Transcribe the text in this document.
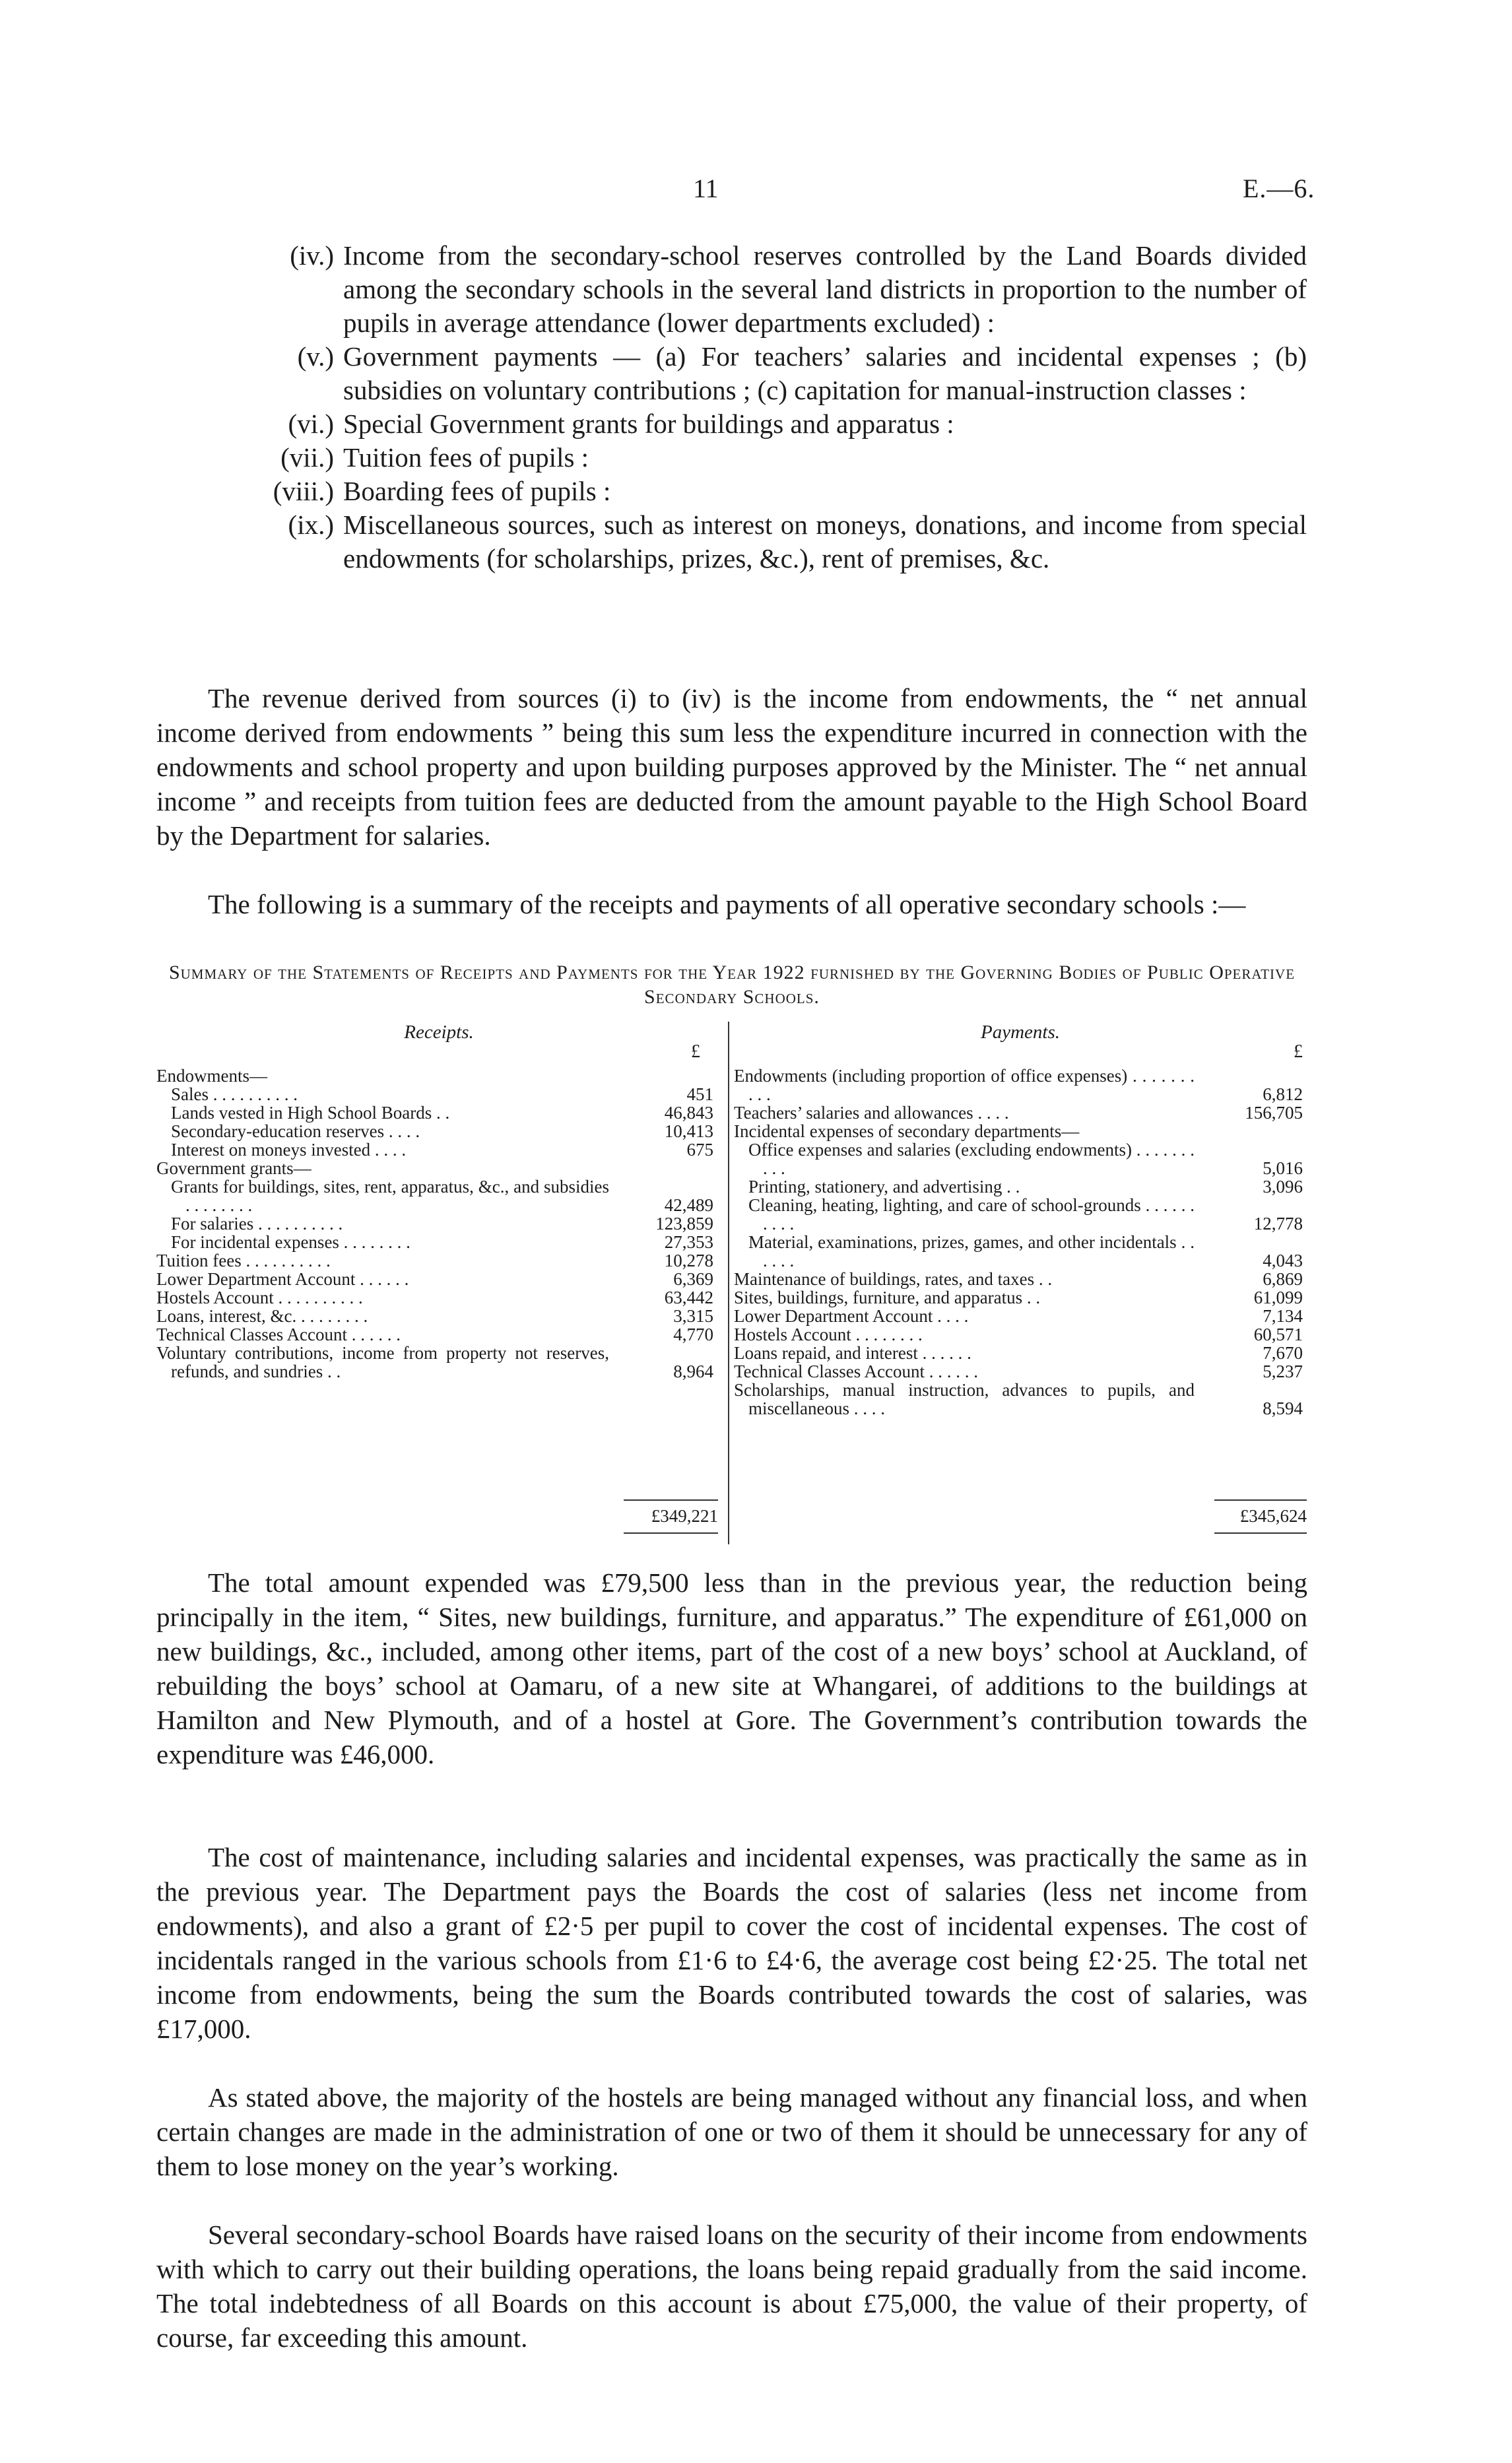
11	E.—6.
(iv.) Income from the secondary-school reserves controlled by the Land Boards divided among the secondary schools in the several land districts in proportion to the number of pupils in average attendance (lower departments excluded) :
(v.) Government payments — (a) For teachers’ salaries and incidental expenses ; (b) subsidies on voluntary contributions ; (c) capitation for manual-instruction classes :
(vi.) Special Government grants for buildings and apparatus :
(vii.) Tuition fees of pupils :
(viii.) Boarding fees of pupils :
(ix.) Miscellaneous sources, such as interest on moneys, donations, and income from special endowments (for scholarships, prizes, &c.), rent of premises, &c.

The revenue derived from sources (i) to (iv) is the income from endowments, the “ net annual income derived from endowments ” being this sum less the expenditure incurred in connection with the endowments and school property and upon building purposes approved by the Minister. The “ net annual income ” and receipts from tuition fees are deducted from the amount payable to the High School Board by the Department for salaries.

The following is a summary of the receipts and payments of all operative secondary schools :—

Summary of the Statements of Receipts and Payments for the Year 1922 furnished by the Governing Bodies of Public Operative Secondary Schools.
Receipts.
£
Endowments—
Sales . . . . . . . . . .	451
Lands vested in High School Boards . .	46,843
Secondary-education reserves . . . .	10,413
Interest on moneys invested . . . .	675
Government grants—
Grants for buildings, sites, rent, apparatus, &c., and subsidies . . . . . . . .	42,489
For salaries . . . . . . . . . .	123,859
For incidental expenses . . . . . . . .	27,353
Tuition fees . . . . . . . . . .	10,278
Lower Department Account . . . . . .	6,369
Hostels Account . . . . . . . . . .	63,442
Loans, interest, &c. . . . . . . . .	3,315
Technical Classes Account . . . . . .	4,770
Voluntary contributions, income from property not reserves, refunds, and sundries . .	8,964
Payments.
£
Endowments (including proportion of office expenses) . . . . . . . . . .	6,812
Teachers’ salaries and allowances . . . .	156,705
Incidental expenses of secondary departments—
Office expenses and salaries (excluding endowments) . . . . . . . . . .	5,016
Printing, stationery, and advertising . .	3,096
Cleaning, heating, lighting, and care of school-grounds . . . . . . . . . .	12,778
Material, examinations, prizes, games, and other incidentals . . . . . .	4,043
Maintenance of buildings, rates, and taxes . .	6,869
Sites, buildings, furniture, and apparatus . .	61,099
Lower Department Account . . . .	7,134
Hostels Account . . . . . . . .	60,571
Loans repaid, and interest . . . . . .	7,670
Technical Classes Account . . . . . .	5,237
Scholarships, manual instruction, advances to pupils, and miscellaneous . . . .	8,594
£349,221	£345,624

The total amount expended was £79,500 less than in the previous year, the reduction being principally in the item, “ Sites, new buildings, furniture, and apparatus.” The expenditure of £61,000 on new buildings, &c., included, among other items, part of the cost of a new boys’ school at Auckland, of rebuilding the boys’ school at Oamaru, of a new site at Whangarei, of additions to the buildings at Hamilton and New Plymouth, and of a hostel at Gore. The Government’s contribution towards the expenditure was £46,000.

The cost of maintenance, including salaries and incidental expenses, was practically the same as in the previous year. The Department pays the Boards the cost of salaries (less net income from endowments), and also a grant of £2·5 per pupil to cover the cost of incidental expenses. The cost of incidentals ranged in the various schools from £1·6 to £4·6, the average cost being £2·25. The total net income from endowments, being the sum the Boards contributed towards the cost of salaries, was £17,000.

As stated above, the majority of the hostels are being managed without any financial loss, and when certain changes are made in the administration of one or two of them it should be unnecessary for any of them to lose money on the year’s working.

Several secondary-school Boards have raised loans on the security of their income from endowments with which to carry out their building operations, the loans being repaid gradually from the said income. The total indebtedness of all Boards on this account is about £75,000, the value of their property, of course, far exceeding this amount.
